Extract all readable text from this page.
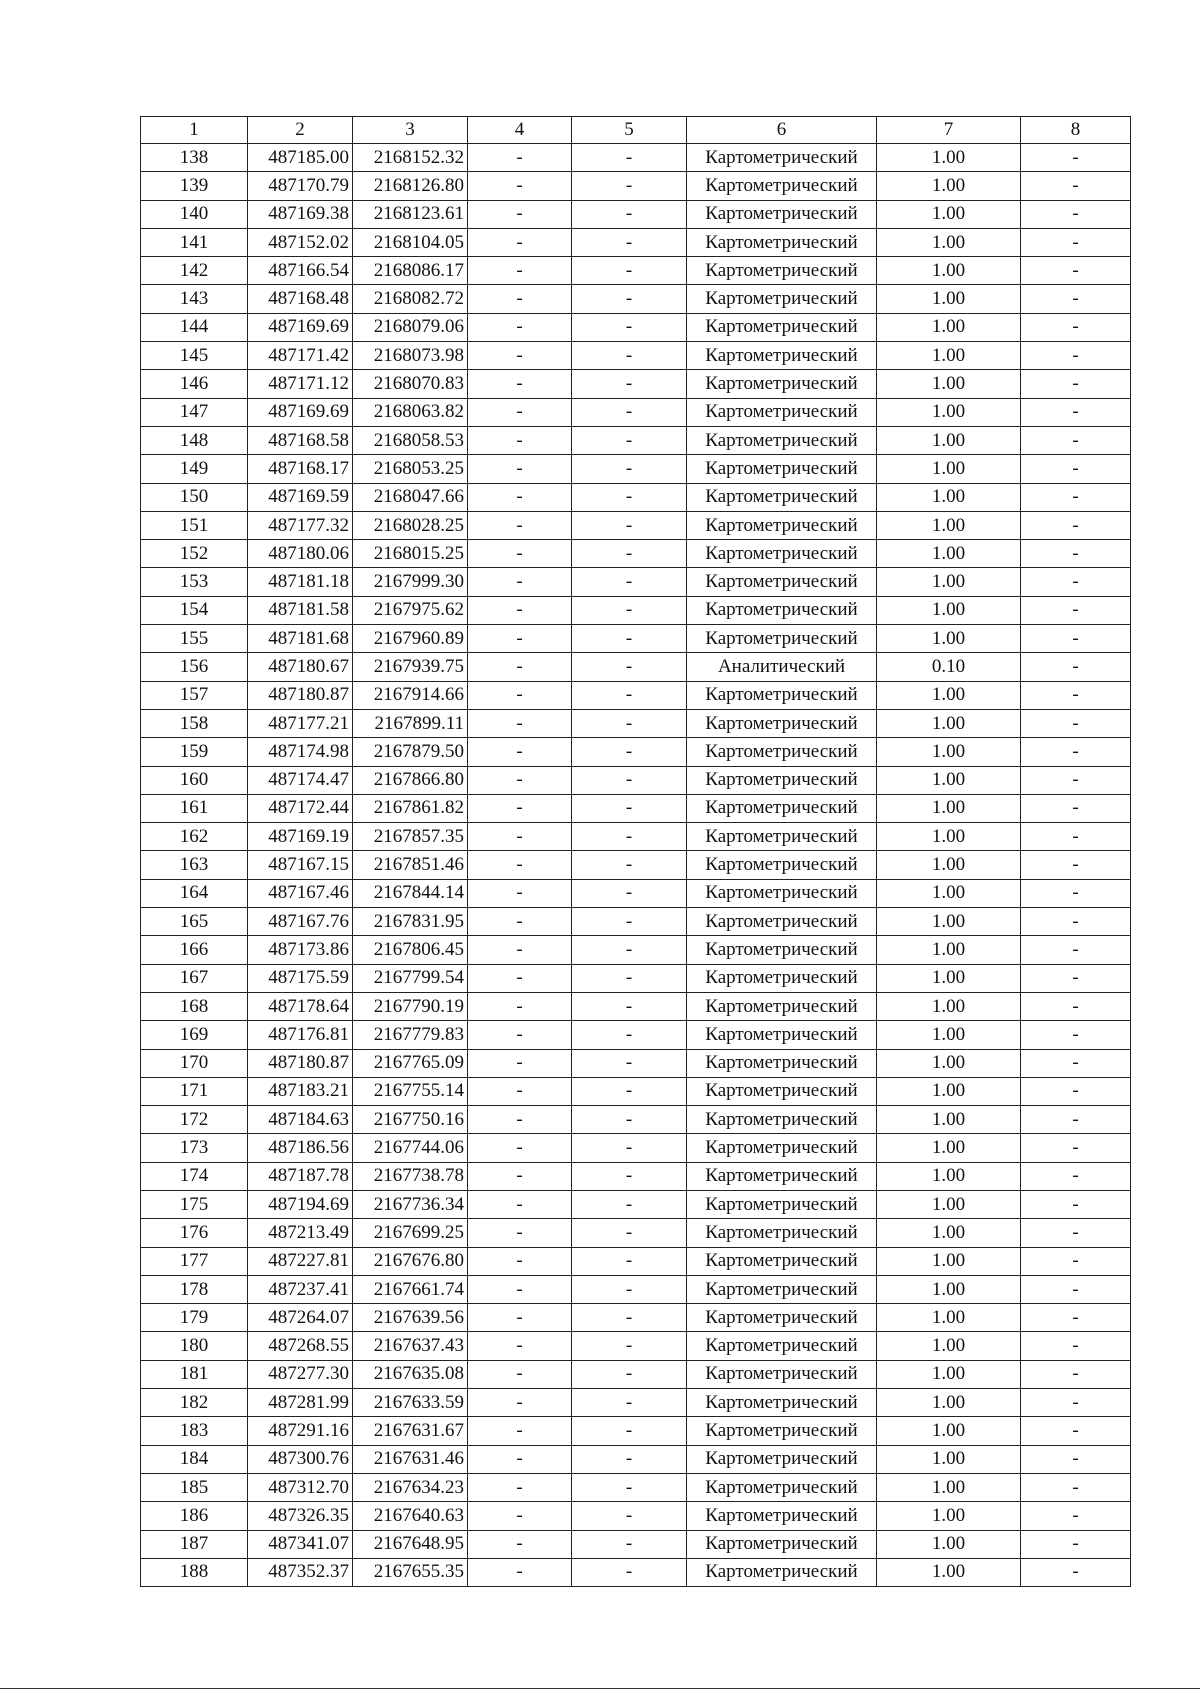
1	2	3	4	5	6	7	8
138	487185.00	2168152.32	-	-	Картометрический	1.00	-
139	487170.79	2168126.80	-	-	Картометрический	1.00	-
140	487169.38	2168123.61	-	-	Картометрический	1.00	-
141	487152.02	2168104.05	-	-	Картометрический	1.00	-
142	487166.54	2168086.17	-	-	Картометрический	1.00	-
143	487168.48	2168082.72	-	-	Картометрический	1.00	-
144	487169.69	2168079.06	-	-	Картометрический	1.00	-
145	487171.42	2168073.98	-	-	Картометрический	1.00	-
146	487171.12	2168070.83	-	-	Картометрический	1.00	-
147	487169.69	2168063.82	-	-	Картометрический	1.00	-
148	487168.58	2168058.53	-	-	Картометрический	1.00	-
149	487168.17	2168053.25	-	-	Картометрический	1.00	-
150	487169.59	2168047.66	-	-	Картометрический	1.00	-
151	487177.32	2168028.25	-	-	Картометрический	1.00	-
152	487180.06	2168015.25	-	-	Картометрический	1.00	-
153	487181.18	2167999.30	-	-	Картометрический	1.00	-
154	487181.58	2167975.62	-	-	Картометрический	1.00	-
155	487181.68	2167960.89	-	-	Картометрический	1.00	-
156	487180.67	2167939.75	-	-	Аналитический	0.10	-
157	487180.87	2167914.66	-	-	Картометрический	1.00	-
158	487177.21	2167899.11	-	-	Картометрический	1.00	-
159	487174.98	2167879.50	-	-	Картометрический	1.00	-
160	487174.47	2167866.80	-	-	Картометрический	1.00	-
161	487172.44	2167861.82	-	-	Картометрический	1.00	-
162	487169.19	2167857.35	-	-	Картометрический	1.00	-
163	487167.15	2167851.46	-	-	Картометрический	1.00	-
164	487167.46	2167844.14	-	-	Картометрический	1.00	-
165	487167.76	2167831.95	-	-	Картометрический	1.00	-
166	487173.86	2167806.45	-	-	Картометрический	1.00	-
167	487175.59	2167799.54	-	-	Картометрический	1.00	-
168	487178.64	2167790.19	-	-	Картометрический	1.00	-
169	487176.81	2167779.83	-	-	Картометрический	1.00	-
170	487180.87	2167765.09	-	-	Картометрический	1.00	-
171	487183.21	2167755.14	-	-	Картометрический	1.00	-
172	487184.63	2167750.16	-	-	Картометрический	1.00	-
173	487186.56	2167744.06	-	-	Картометрический	1.00	-
174	487187.78	2167738.78	-	-	Картометрический	1.00	-
175	487194.69	2167736.34	-	-	Картометрический	1.00	-
176	487213.49	2167699.25	-	-	Картометрический	1.00	-
177	487227.81	2167676.80	-	-	Картометрический	1.00	-
178	487237.41	2167661.74	-	-	Картометрический	1.00	-
179	487264.07	2167639.56	-	-	Картометрический	1.00	-
180	487268.55	2167637.43	-	-	Картометрический	1.00	-
181	487277.30	2167635.08	-	-	Картометрический	1.00	-
182	487281.99	2167633.59	-	-	Картометрический	1.00	-
183	487291.16	2167631.67	-	-	Картометрический	1.00	-
184	487300.76	2167631.46	-	-	Картометрический	1.00	-
185	487312.70	2167634.23	-	-	Картометрический	1.00	-
186	487326.35	2167640.63	-	-	Картометрический	1.00	-
187	487341.07	2167648.95	-	-	Картометрический	1.00	-
188	487352.37	2167655.35	-	-	Картометрический	1.00	-
